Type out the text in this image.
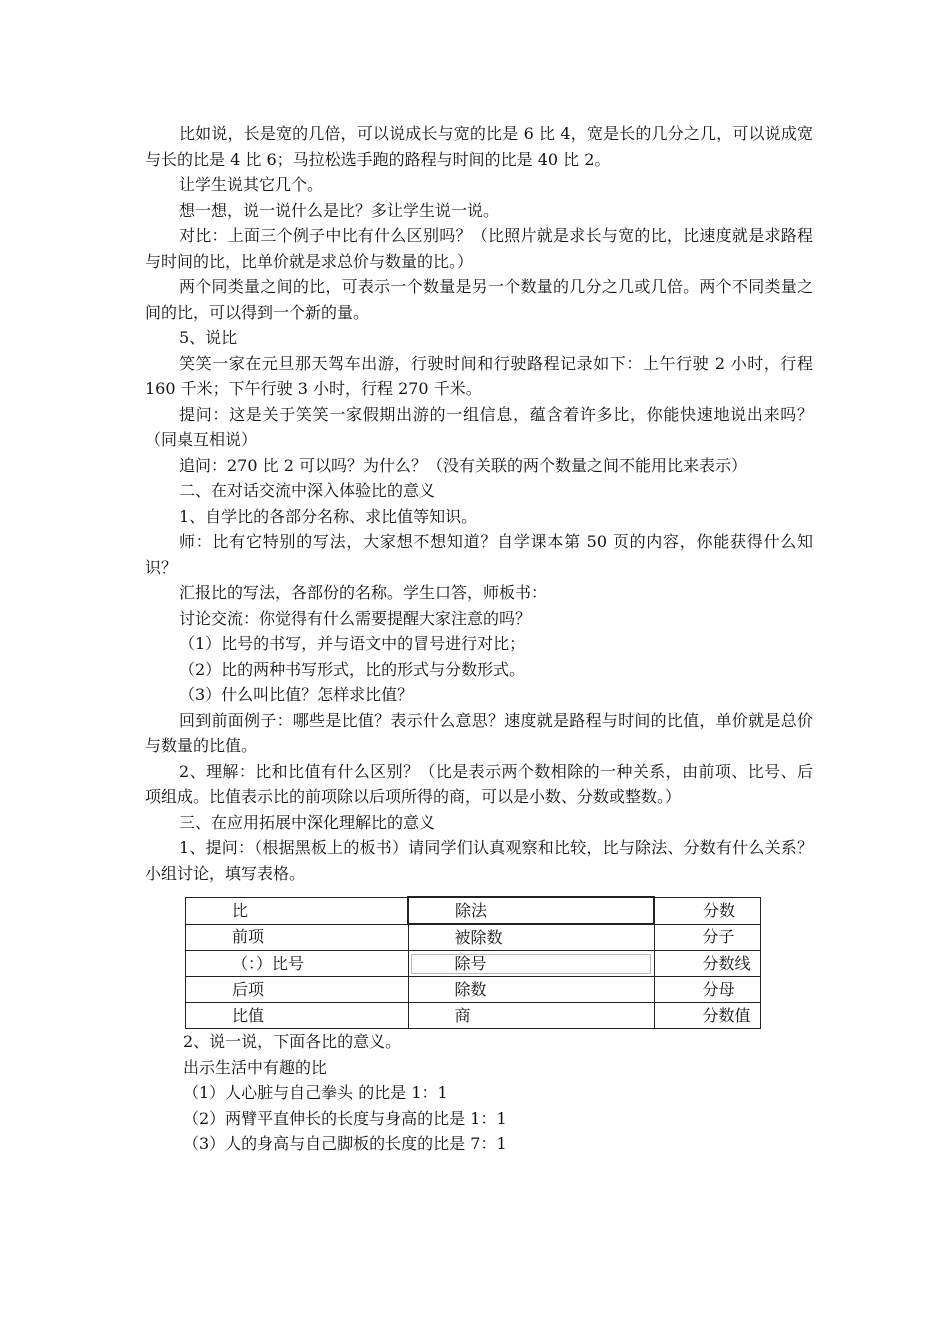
比如说，长是宽的几倍，可以说成长与宽的比是 6 比 4，宽是长的几分之几，可以说成宽与长的比是 4 比 6；马拉松选手跑的路程与时间的比是 40 比 2。

让学生说其它几个。

想一想，说一说什么是比？多让学生说一说。

对比：上面三个例子中比有什么区别吗？（比照片就是求长与宽的比，比速度就是求路程与时间的比，比单价就是求总价与数量的比。）

两个同类量之间的比，可表示一个数量是另一个数量的几分之几或几倍。两个不同类量之间的比，可以得到一个新的量。

5、说比

笑笑一家在元旦那天驾车出游，行驶时间和行驶路程记录如下：上午行驶 2 小时，行程 160 千米；下午行驶 3 小时，行程 270 千米。

提问：这是关于笑笑一家假期出游的一组信息，蕴含着许多比，你能快速地说出来吗？（同桌互相说）

追问：270 比 2 可以吗？为什么？（没有关联的两个数量之间不能用比来表示）

二、在对话交流中深入体验比的意义

1、自学比的各部分名称、求比值等知识。

师：比有它特别的写法，大家想不想知道？自学课本第 50 页的内容，你能获得什么知识？

汇报比的写法，各部份的名称。学生口答，师板书：

讨论交流：你觉得有什么需要提醒大家注意的吗？

（1）比号的书写，并与语文中的冒号进行对比；

（2）比的两种书写形式，比的形式与分数形式。

（3）什么叫比值？怎样求比值？

回到前面例子：哪些是比值？表示什么意思？速度就是路程与时间的比值，单价就是总价与数量的比值。

2、理解：比和比值有什么区别？（比是表示两个数相除的一种关系，由前项、比号、后项组成。比值表示比的前项除以后项所得的商，可以是小数、分数或整数。）

三、在应用拓展中深化理解比的意义

1、提问：（根据黑板上的板书）请同学们认真观察和比较，比与除法、分数有什么关系？小组讨论，填写表格。

比	除法	分数
前项	被除数	分子
（：）比号	除号	分数线
后项	除数	分母
比值	商	分数值

2、说一说，下面各比的意义。

出示生活中有趣的比

（1）人心脏与自己拳头 的比是 1：1

（2）两臂平直伸长的长度与身高的比是 1：1

（3）人的身高与自己脚板的长度的比是 7：1
